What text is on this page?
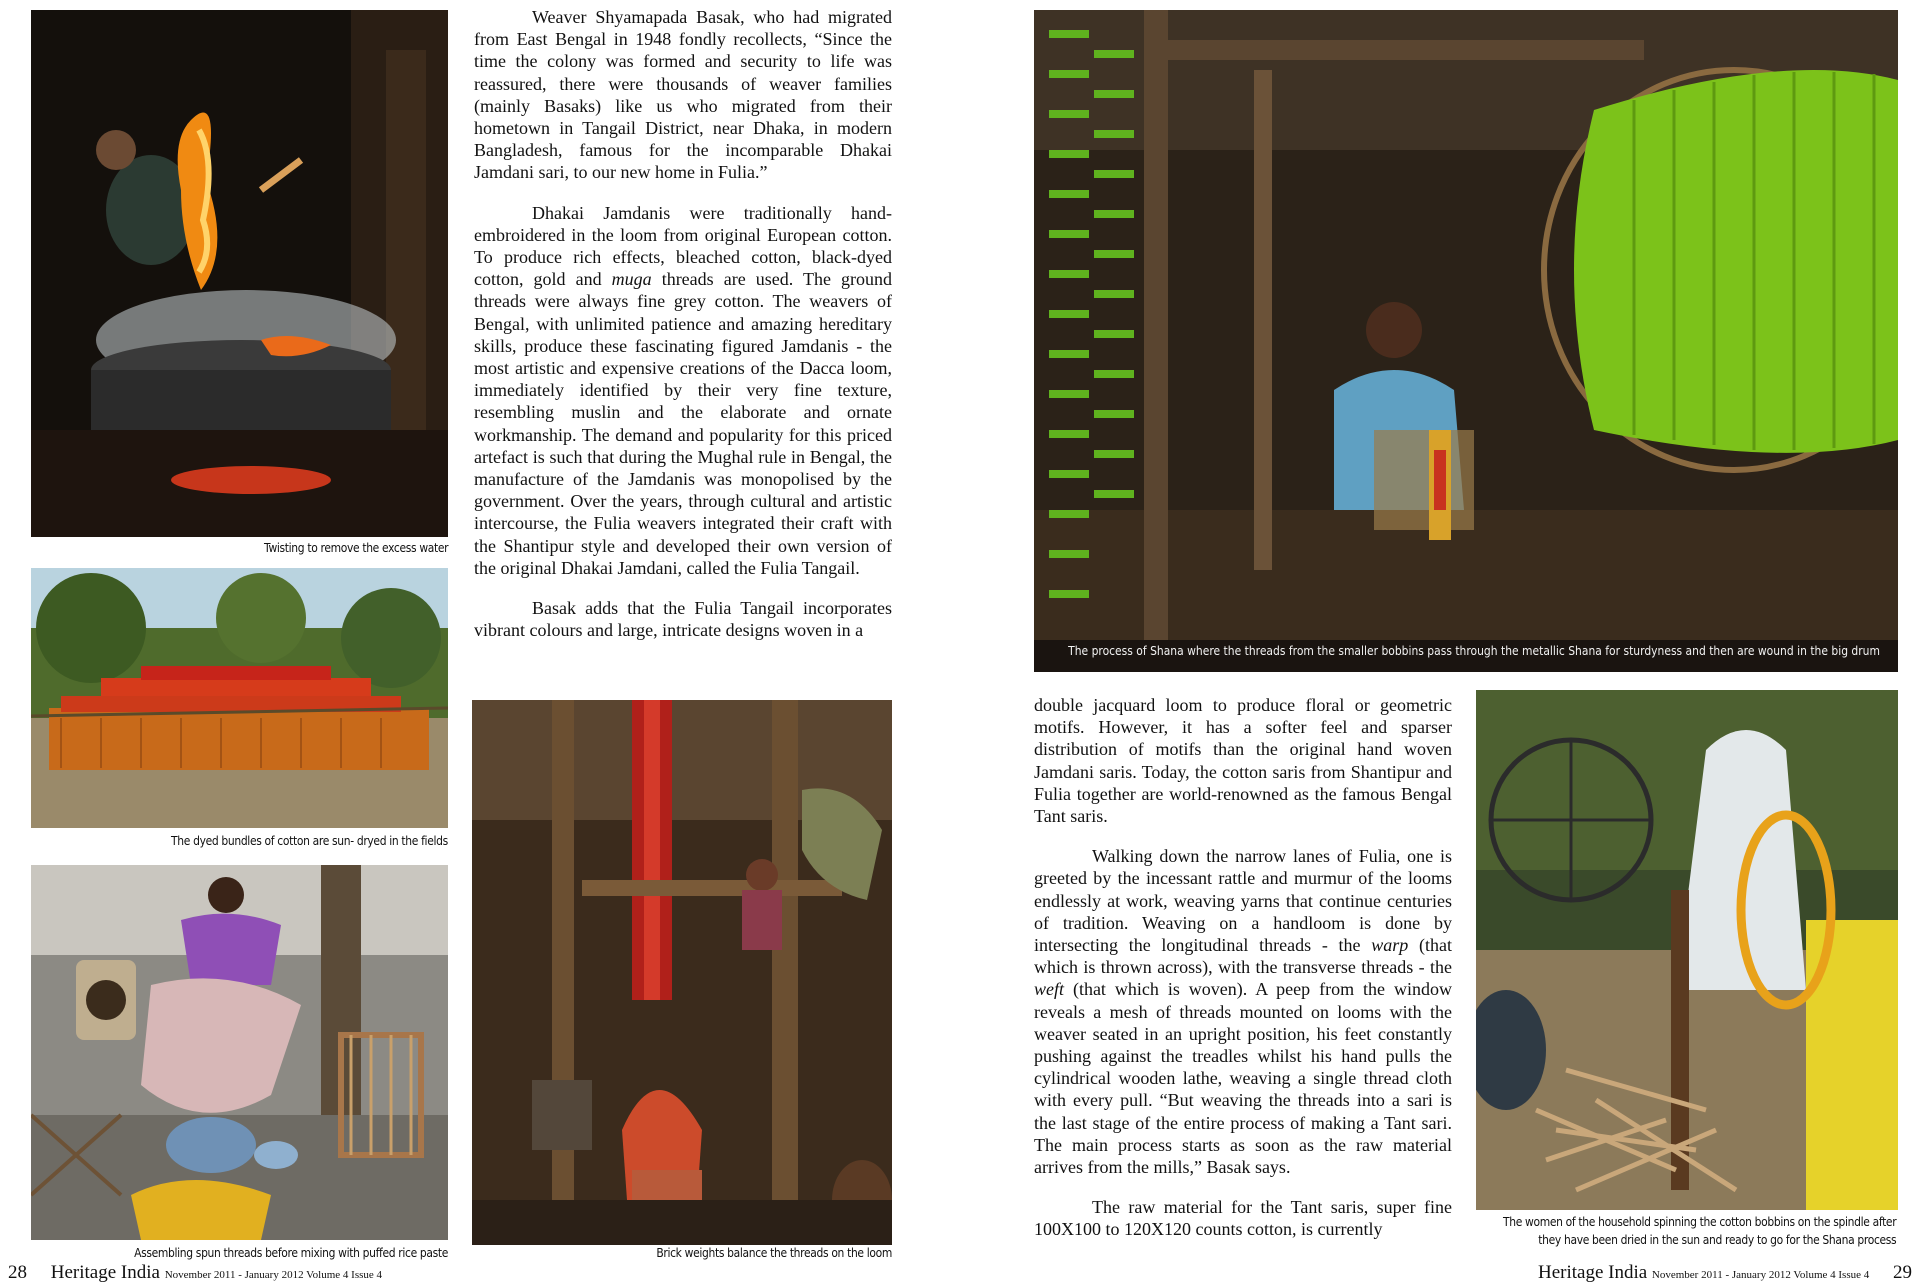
Twisting to remove the excess water
The dyed bundles of cotton are sun- dryed in the fields
Assembling spun threads before mixing with puffed rice paste	Brick weights balance the threads on the loom

Weaver Shyamapada Basak, who had migrated from East Bengal in 1948 fondly recollects, “Since the time the colony was formed and security to life was reassured, there were thousands of weaver families (mainly Basaks) like us who migrated from their hometown in Tangail District, near Dhaka, in modern Bangladesh, famous for the incomparable Dhakai Jamdani sari, to our new home in Fulia.”

Dhakai Jamdanis were traditionally hand-embroidered in the loom from original European cotton. To produce rich effects, bleached cotton, black-dyed cotton, gold and muga threads are used. The ground threads were always fine grey cotton. The weavers of Bengal, with unlimited patience and amazing hereditary skills, produce these fascinating figured Jamdanis - the most artistic and expensive creations of the Dacca loom, immediately identified by their very fine texture, resembling muslin and the elaborate and ornate workmanship. The demand and popularity for this priced artefact is such that during the Mughal rule in Bengal, the manufacture of the Jamdanis was monopolised by the government. Over the years, through cultural and artistic intercourse, the Fulia weavers integrated their craft with the Shantipur style and developed their own version of the original Dhakai Jamdani, called the Fulia Tangail.

Basak adds that the Fulia Tangail incorporates vibrant colours and large, intricate designs woven in a

28 Heritage India November 2011 - January 2012 Volume 4 Issue 4
The process of Shana where the threads from the smaller bobbins pass through the metallic Shana for sturdyness and then are wound in the big drum

double jacquard loom to produce floral or geometric motifs. However, it has a softer feel and sparser distribution of motifs than the original hand woven Jamdani saris. Today, the cotton saris from Shantipur and Fulia together are world-renowned as the famous Bengal Tant saris.

Walking down the narrow lanes of Fulia, one is greeted by the incessant rattle and murmur of the looms endlessly at work, weaving yarns that continue centuries of tradition. Weaving on a handloom is done by intersecting the longitudinal threads - the warp (that which is thrown across), with the transverse threads - the weft (that which is woven). A peep from the window reveals a mesh of threads mounted on looms with the weaver seated in an upright position, his feet constantly pushing against the treadles whilst his hand pulls the cylindrical wooden lathe, weaving a single thread cloth with every pull. “But weaving the threads into a sari is the last stage of the entire process of making a Tant sari. The main process starts as soon as the raw material arrives from the mills,” Basak says.

The raw material for the Tant saris, super fine 100X100 to 120X120 counts cotton, is currently	The women of the household spinning the cotton bobbins on the spindle after
they have been dried in the sun and ready to go for the Shana process
Heritage India November 2011 - January 2012 Volume 4 Issue 4 29
